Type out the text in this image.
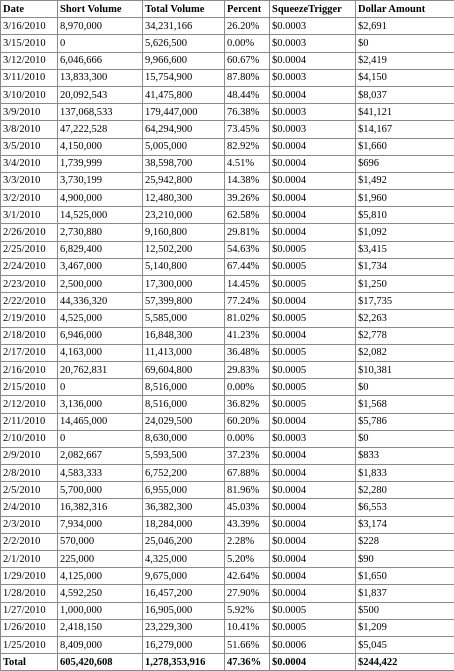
Date	Short Volume	Total Volume	Percent	SqueezeTrigger	Dollar Amount
3/16/2010	8,970,000	34,231,166	26.20%	$0.0003	$2,691
3/15/2010	0	5,626,500	0.00%	$0.0003	$0
3/12/2010	6,046,666	9,966,600	60.67%	$0.0004	$2,419
3/11/2010	13,833,300	15,754,900	87.80%	$0.0003	$4,150
3/10/2010	20,092,543	41,475,800	48.44%	$0.0004	$8,037
3/9/2010	137,068,533	179,447,000	76.38%	$0.0003	$41,121
3/8/2010	47,222,528	64,294,900	73.45%	$0.0003	$14,167
3/5/2010	4,150,000	5,005,000	82.92%	$0.0004	$1,660
3/4/2010	1,739,999	38,598,700	4.51%	$0.0004	$696
3/3/2010	3,730,199	25,942,800	14.38%	$0.0004	$1,492
3/2/2010	4,900,000	12,480,300	39.26%	$0.0004	$1,960
3/1/2010	14,525,000	23,210,000	62.58%	$0.0004	$5,810
2/26/2010	2,730,880	9,160,800	29.81%	$0.0004	$1,092
2/25/2010	6,829,400	12,502,200	54.63%	$0.0005	$3,415
2/24/2010	3,467,000	5,140,800	67.44%	$0.0005	$1,734
2/23/2010	2,500,000	17,300,000	14.45%	$0.0005	$1,250
2/22/2010	44,336,320	57,399,800	77.24%	$0.0004	$17,735
2/19/2010	4,525,000	5,585,000	81.02%	$0.0005	$2,263
2/18/2010	6,946,000	16,848,300	41.23%	$0.0004	$2,778
2/17/2010	4,163,000	11,413,000	36.48%	$0.0005	$2,082
2/16/2010	20,762,831	69,604,800	29.83%	$0.0005	$10,381
2/15/2010	0	8,516,000	0.00%	$0.0005	$0
2/12/2010	3,136,000	8,516,000	36.82%	$0.0005	$1,568
2/11/2010	14,465,000	24,029,500	60.20%	$0.0004	$5,786
2/10/2010	0	8,630,000	0.00%	$0.0003	$0
2/9/2010	2,082,667	5,593,500	37.23%	$0.0004	$833
2/8/2010	4,583,333	6,752,200	67.88%	$0.0004	$1,833
2/5/2010	5,700,000	6,955,000	81.96%	$0.0004	$2,280
2/4/2010	16,382,316	36,382,300	45.03%	$0.0004	$6,553
2/3/2010	7,934,000	18,284,000	43.39%	$0.0004	$3,174
2/2/2010	570,000	25,046,200	2.28%	$0.0004	$228
2/1/2010	225,000	4,325,000	5.20%	$0.0004	$90
1/29/2010	4,125,000	9,675,000	42.64%	$0.0004	$1,650
1/28/2010	4,592,250	16,457,200	27.90%	$0.0004	$1,837
1/27/2010	1,000,000	16,905,000	5.92%	$0.0005	$500
1/26/2010	2,418,150	23,229,300	10.41%	$0.0005	$1,209
1/25/2010	8,409,000	16,279,000	51.66%	$0.0006	$5,045
Total	605,420,608	1,278,353,916	47.36%	$0.0004	$244,422
